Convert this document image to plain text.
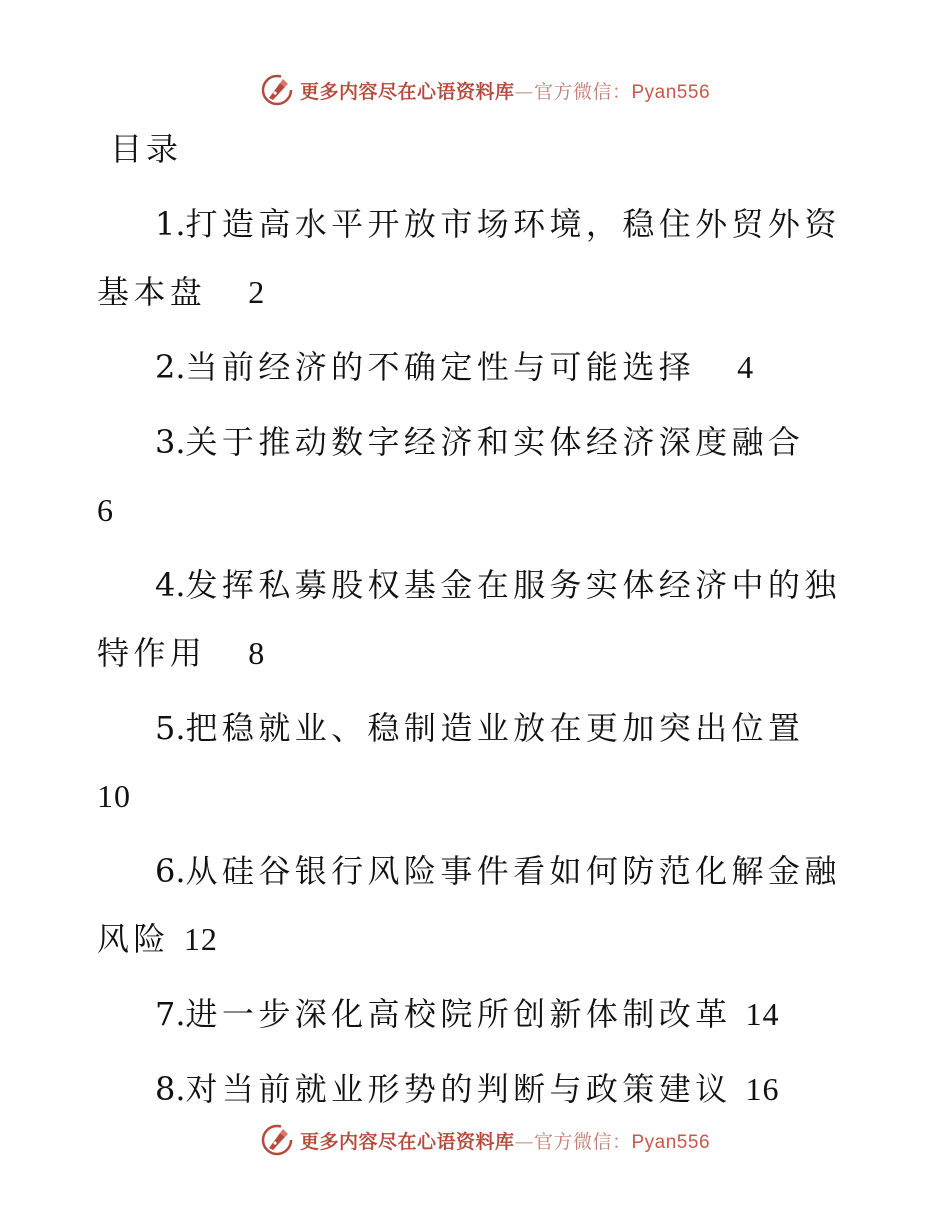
更多内容尽在心语资料库—官方微信：Pyan556
目录
1.打造高水平开放市场环境，稳住外贸外资基本盘 2
2.当前经济的不确定性与可能选择 4
3.关于推动数字经济和实体经济深度融合6
4.发挥私募股权基金在服务实体经济中的独特作用 8
5.把稳就业、稳制造业放在更加突出位置10
6.从硅谷银行风险事件看如何防范化解金融风险 12
7.进一步深化高校院所创新体制改革 14
8.对当前就业形势的判断与政策建议 16
更多内容尽在心语资料库—官方微信：Pyan556
